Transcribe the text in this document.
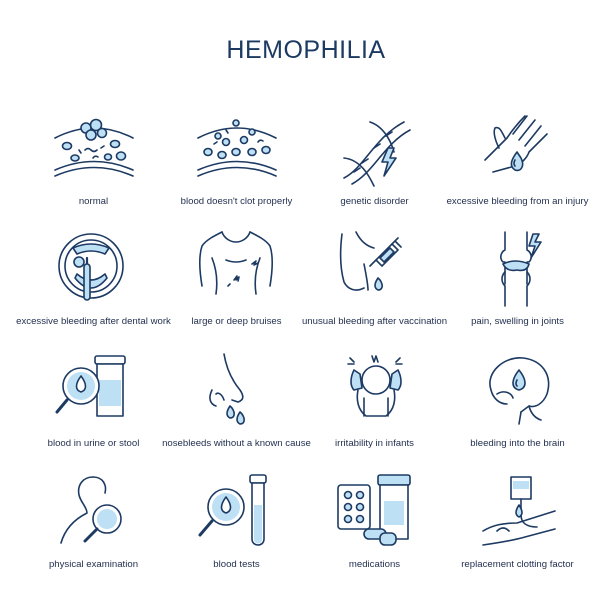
HEMOPHILIA
normal	blood doesn't clot properly	genetic disorder	excessive bleeding from an injury
excessive bleeding after dental work	large or deep bruises	unusual bleeding after vaccination	pain, swelling in joints
blood in urine or stool	nosebleeds without a known cause	irritability in infants	bleeding into the brain
physical examination	blood tests	medications	replacement clotting factor
